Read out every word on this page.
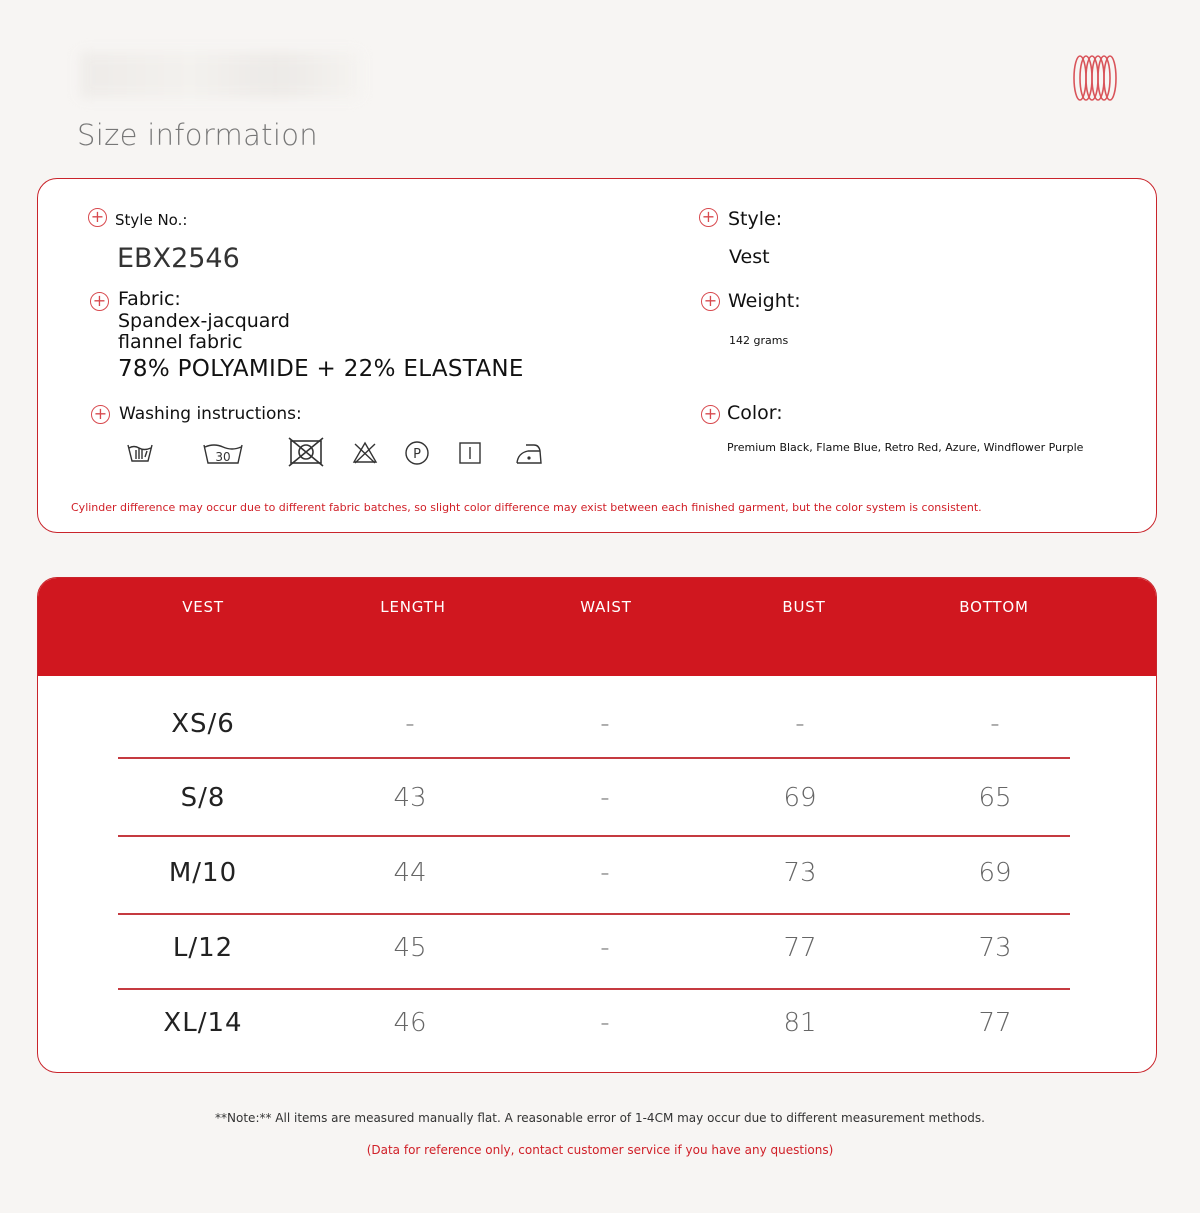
Size information
+ Style No.:
EBX2546
+ Fabric:
Spandex-jacquard
flannel fabric
78% POLYAMIDE + 22% ELASTANE
+ Washing instructions:
30	P
+ Style:
Vest
+ Weight:
142 grams
+ Color:
Premium Black, Flame Blue, Retro Red, Azure, Windflower Purple
Cylinder difference may occur due to different fabric batches, so slight color difference may exist between each finished garment, but the color system is consistent.
VEST	LENGTH	WAIST	BUST	BOTTOM
XS/6	-	-	-	-
S/8	43	-	69	65
M/10	44	-	73	69
L/12	45	-	77	73
XL/14	46	-	81	77
**Note:** All items are measured manually flat. A reasonable error of 1-4CM may occur due to different measurement methods.
(Data for reference only, contact customer service if you have any questions)
